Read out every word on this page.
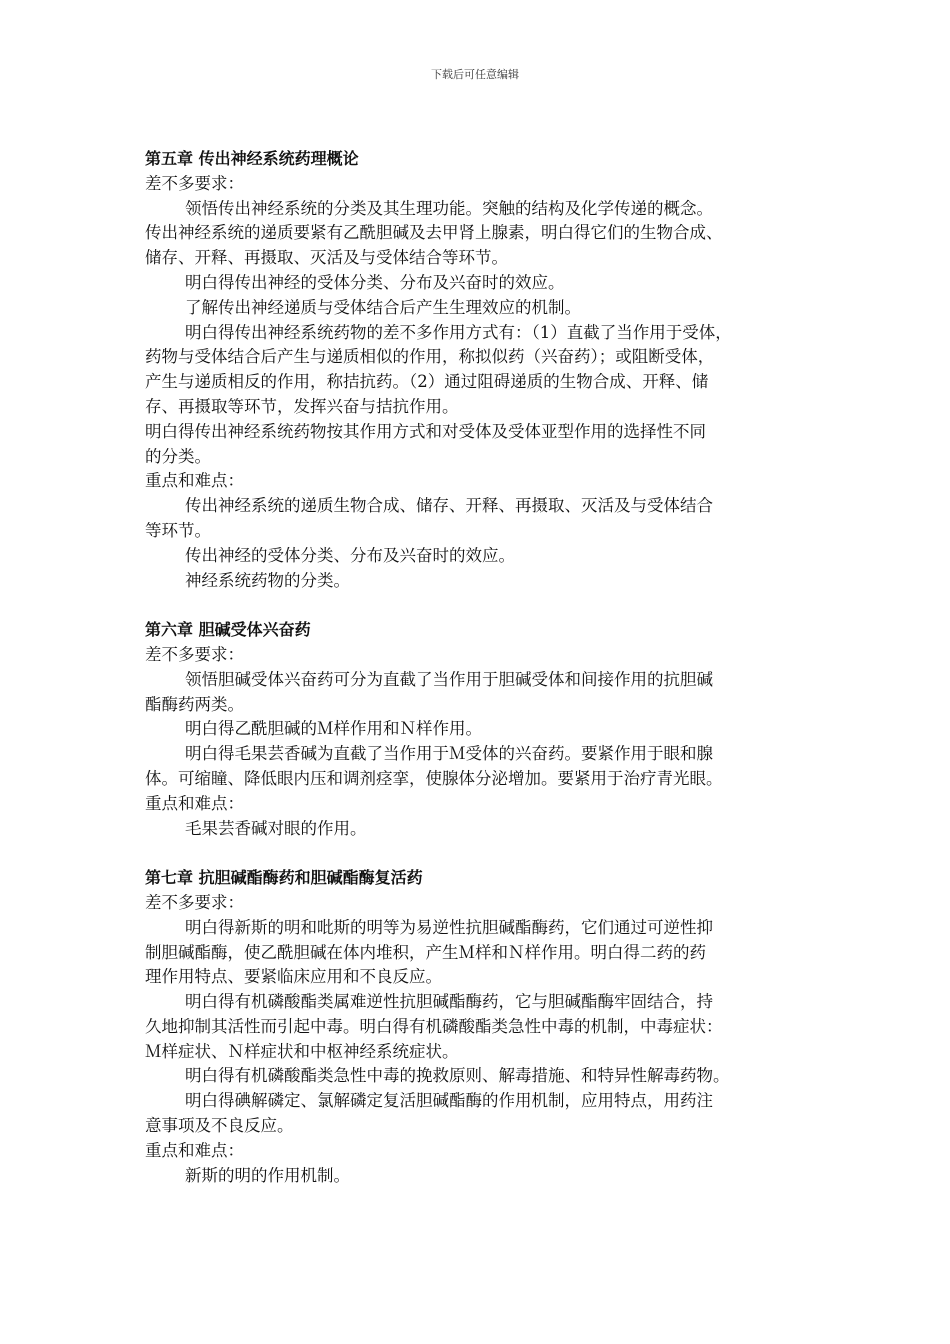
下载后可任意编辑
第五章 传出神经系统药理概论
差不多要求：
领悟传出神经系统的分类及其生理功能。突触的结构及化学传递的概念。
传出神经系统的递质要紧有乙酰胆碱及去甲肾上腺素，明白得它们的生物合成、
储存、开释、再摄取、灭活及与受体结合等环节。
明白得传出神经的受体分类、分布及兴奋时的效应。
了解传出神经递质与受体结合后产生生理效应的机制。
明白得传出神经系统药物的差不多作用方式有：（1）直截了当作用于受体，
药物与受体结合后产生与递质相似的作用，称拟似药（兴奋药）；或阻断受体，
产生与递质相反的作用，称拮抗药。（2）通过阻碍递质的生物合成、开释、储
存、再摄取等环节，发挥兴奋与拮抗作用。
明白得传出神经系统药物按其作用方式和对受体及受体亚型作用的选择性不同
的分类。
重点和难点：
传出神经系统的递质生物合成、储存、开释、再摄取、灭活及与受体结合
等环节。
传出神经的受体分类、分布及兴奋时的效应。
神经系统药物的分类。
第六章 胆碱受体兴奋药
差不多要求：
领悟胆碱受体兴奋药可分为直截了当作用于胆碱受体和间接作用的抗胆碱
酯酶药两类。
明白得乙酰胆碱的Ｍ样作用和Ｎ样作用。
明白得毛果芸香碱为直截了当作用于Ｍ受体的兴奋药。要紧作用于眼和腺
体。可缩瞳、降低眼内压和调剂痉挛，使腺体分泌增加。要紧用于治疗青光眼。
重点和难点：
毛果芸香碱对眼的作用。
第七章 抗胆碱酯酶药和胆碱酯酶复活药
差不多要求：
明白得新斯的明和吡斯的明等为易逆性抗胆碱酯酶药，它们通过可逆性抑
制胆碱酯酶，使乙酰胆碱在体内堆积，产生Ｍ样和Ｎ样作用。明白得二药的药
理作用特点、要紧临床应用和不良反应。
明白得有机磷酸酯类属难逆性抗胆碱酯酶药，它与胆碱酯酶牢固结合，持
久地抑制其活性而引起中毒。明白得有机磷酸酯类急性中毒的机制，中毒症状：
Ｍ样症状、Ｎ样症状和中枢神经系统症状。
明白得有机磷酸酯类急性中毒的挽救原则、解毒措施、和特异性解毒药物。
明白得碘解磷定、氯解磷定复活胆碱酯酶的作用机制，应用特点，用药注
意事项及不良反应。
重点和难点：
新斯的明的作用机制。
